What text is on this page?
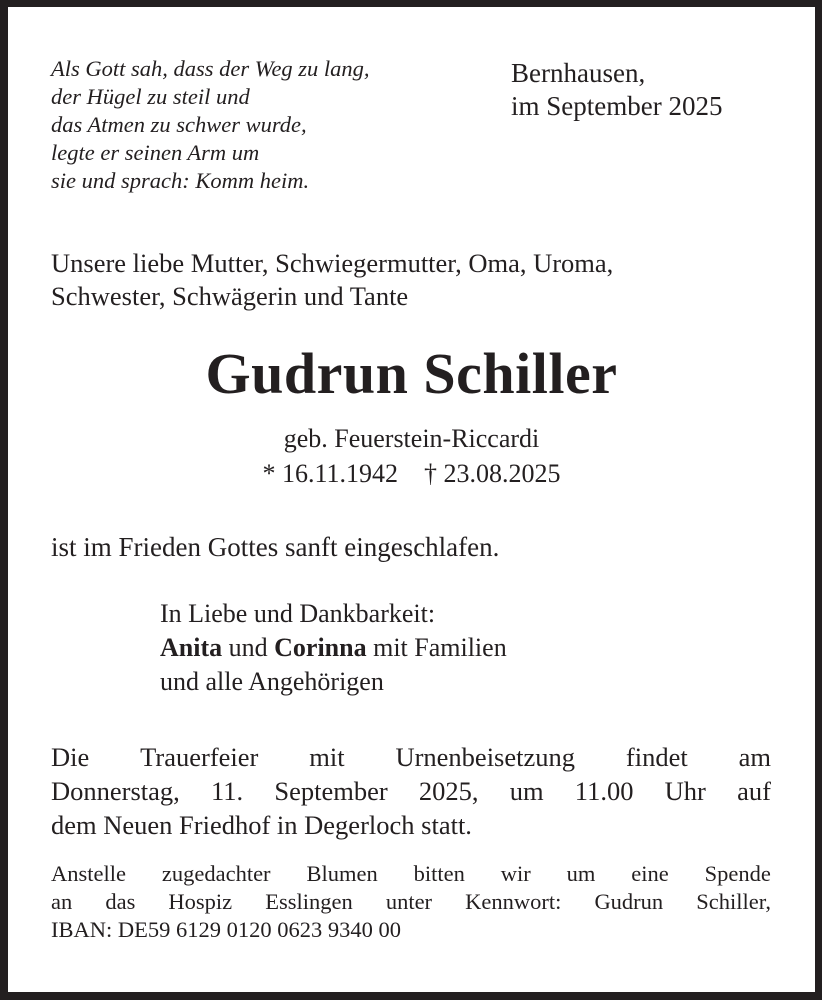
Als Gott sah, dass der Weg zu lang,
der Hügel zu steil und
das Atmen zu schwer wurde,
legte er seinen Arm um
sie und sprach: Komm heim.
Bernhausen,
im September 2025
Unsere liebe Mutter, Schwiegermutter, Oma, Uroma,
Schwester, Schwägerin und Tante
Gudrun Schiller
geb. Feuerstein-Riccardi
* 16.11.1942 † 23.08.2025
ist im Frieden Gottes sanft eingeschlafen.
In Liebe und Dankbarkeit:
Anita und Corinna mit Familien
und alle Angehörigen
Die Trauerfeier mit Urnenbeisetzung findet am
Donnerstag, 11. September 2025, um 11.00 Uhr auf
dem Neuen Friedhof in Degerloch statt.
Anstelle zugedachter Blumen bitten wir um eine Spende
an das Hospiz Esslingen unter Kennwort: Gudrun Schiller,
IBAN: DE59 6129 0120 0623 9340 00
